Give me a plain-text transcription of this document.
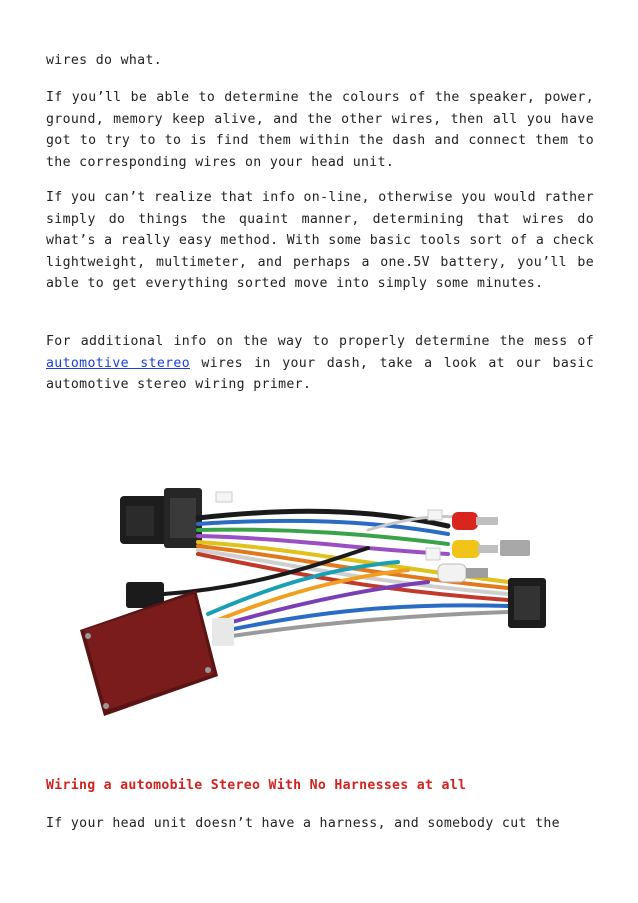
wires do what.

If you’ll be able to determine the colours of the speaker, power, ground, memory keep alive, and the other wires, then all you have got to try to to is find them within the dash and connect them to the corresponding wires on your head unit.

If you can’t realize that info on-line, otherwise you would rather simply do things the quaint manner, determining that wires do what’s a really easy method. With some basic tools sort of a check lightweight, multimeter, and perhaps a one.5V battery, you’ll be able to get everything sorted move into simply some minutes.

For additional info on the way to properly determine the mess of automotive stereo wires in your dash, take a look at our basic automotive stereo wiring primer.

Wiring a automobile Stereo With No Harnesses at all

If your head unit doesn’t have a harness, and somebody cut the
